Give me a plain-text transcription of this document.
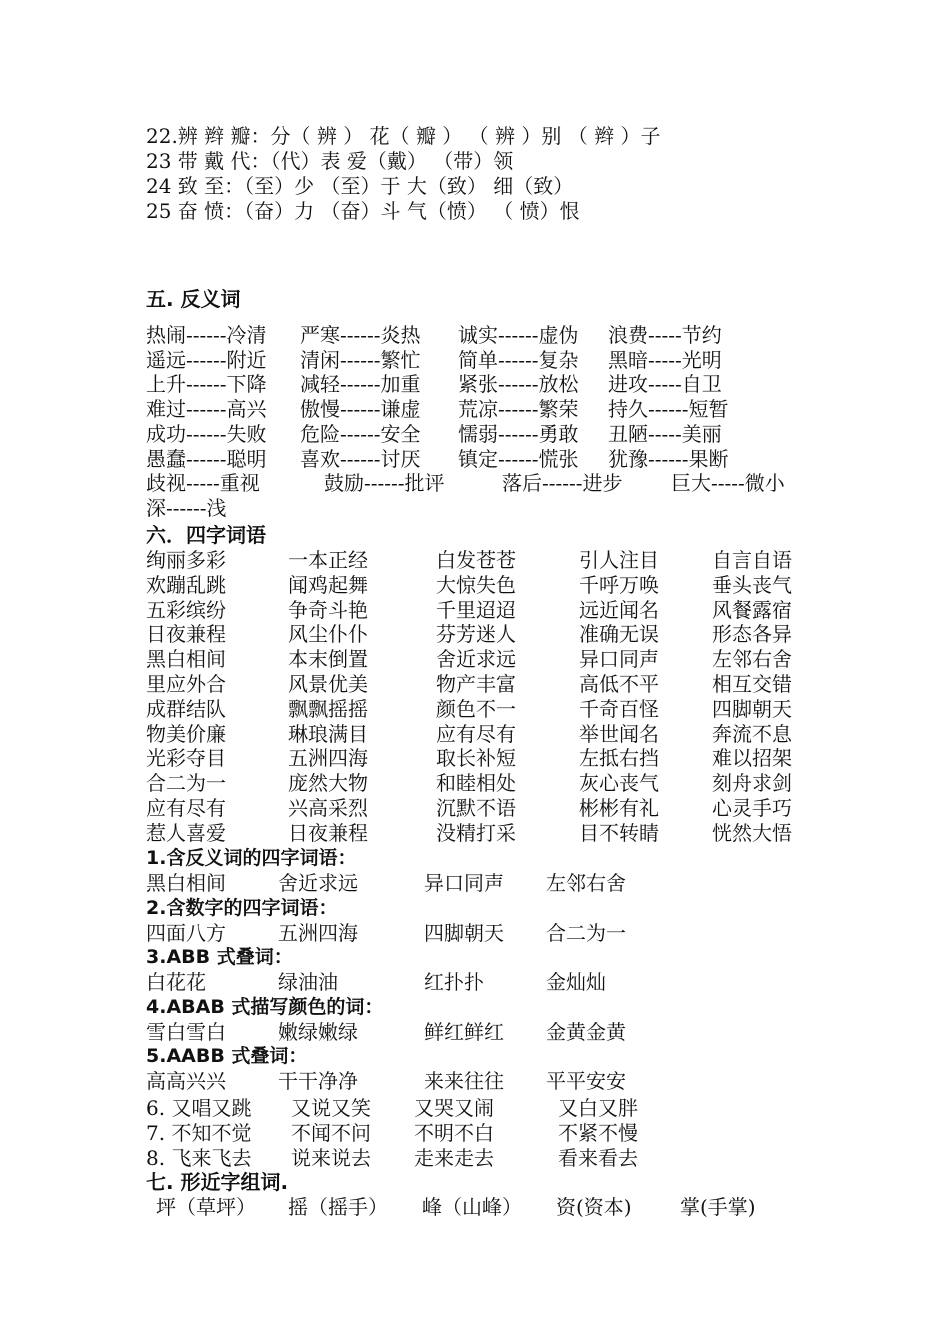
22.辨 辫 瓣：分（ 辨 ） 花（ 瓣 ） （ 辨 ）别 （ 辫 ）子
23 带 戴 代：（代）表 爱（戴） （带）领
24 致 至：（至）少 （至）于 大（致） 细（致）
25 奋 愤：（奋）力 （奋）斗 气（愤） （ 愤）恨
五. 反义词
热闹------冷清 严寒------炎热 诚实------虚伪 浪费-----节约
遥远------附近 清闲------繁忙 简单------复杂 黑暗-----光明
上升------下降 减轻------加重 紧张------放松 进攻-----自卫
难过------高兴 傲慢------谦虚 荒凉------繁荣 持久------短暂
成功------失败 危险------安全 懦弱------勇敢 丑陋-----美丽
愚蠢------聪明 喜欢------讨厌 镇定------慌张 犹豫------果断
歧视-----重视	鼓励------批评	落后------进步 巨大-----微小
深------浅
六．四字词语
绚丽多彩	一本正经	白发苍苍	引人注目	自言自语
欢蹦乱跳	闻鸡起舞	大惊失色	千呼万唤	垂头丧气
五彩缤纷	争奇斗艳	千里迢迢	远近闻名	风餐露宿
日夜兼程	风尘仆仆	芬芳迷人	准确无误	形态各异
黑白相间	本末倒置	舍近求远	异口同声	左邻右舍
里应外合	风景优美	物产丰富	高低不平	相互交错
成群结队	飘飘摇摇	颜色不一	千奇百怪	四脚朝天
物美价廉	琳琅满目	应有尽有	举世闻名	奔流不息
光彩夺目	五洲四海	取长补短	左抵右挡	难以招架
合二为一	庞然大物	和睦相处	灰心丧气	刻舟求剑
应有尽有	兴高采烈	沉默不语	彬彬有礼	心灵手巧
惹人喜爱	日夜兼程	没精打采	目不转睛	恍然大悟
1.含反义词的四字词语：
黑白相间	舍近求远	异口同声 左邻右舍
2.含数字的四字词语：
四面八方	五洲四海	四脚朝天 合二为一
3.ABB 式叠词：
白花花	绿油油	红扑扑	金灿灿
4.ABAB 式描写颜色的词：
雪白雪白	嫩绿嫩绿	鲜红鲜红 金黄金黄
5.AABB 式叠词：
高高兴兴	干干净净	来来往往 平平安安
6. 又唱又跳 又说又笑 又哭又闹	又白又胖
7. 不知不觉 不闻不问 不明不白	不紧不慢
8. 飞来飞去 说来说去 走来走去	看来看去
七. 形近字组词.
坪（草坪） 摇（摇手） 峰（山峰） 资(资本) 掌(手掌)
